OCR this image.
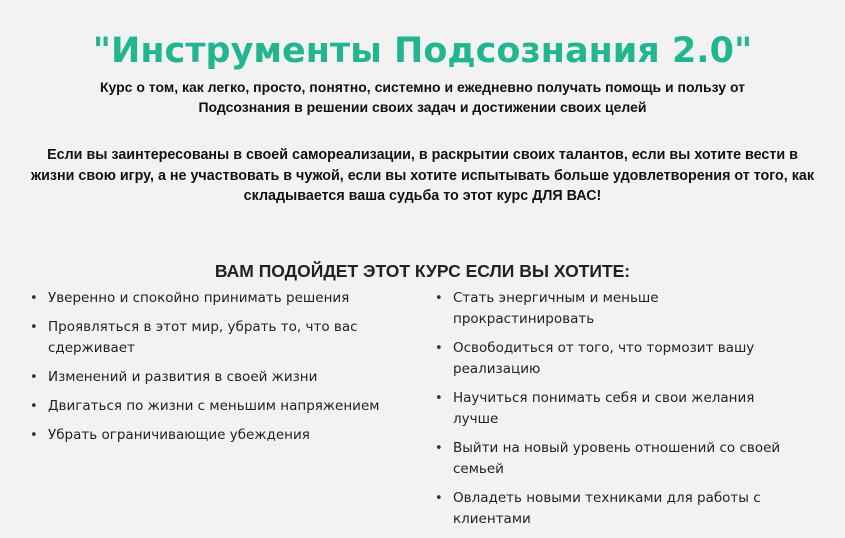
"Инструменты Подсознания 2.0"

Курс о том, как легко, просто, понятно, системно и ежедневно получать помощь и пользу от Подсознания в решении своих задач и достижении своих целей

Если вы заинтересованы в своей самореализации, в раскрытии своих талантов, если вы хотите вести в жизни свою игру, а не участвовать в чужой, если вы хотите испытывать больше удовлетворения от того, как складывается ваша судьба то этот курс ДЛЯ ВАС!

ВАМ ПОДОЙДЕТ ЭТОТ КУРС ЕСЛИ ВЫ ХОТИТЕ:
• Уверенно и спокойно принимать решения
• Проявляться в этот мир, убрать то, что вас сдерживает
• Изменений и развития в своей жизни
• Двигаться по жизни с меньшим напряжением
• Убрать ограничивающие убеждения
• Стать энергичным и меньше прокрастинировать
• Освободиться от того, что тормозит вашу реализацию
• Научиться понимать себя и свои желания лучше
• Выйти на новый уровень отношений со своей семьей
• Овладеть новыми техниками для работы с клиентами
